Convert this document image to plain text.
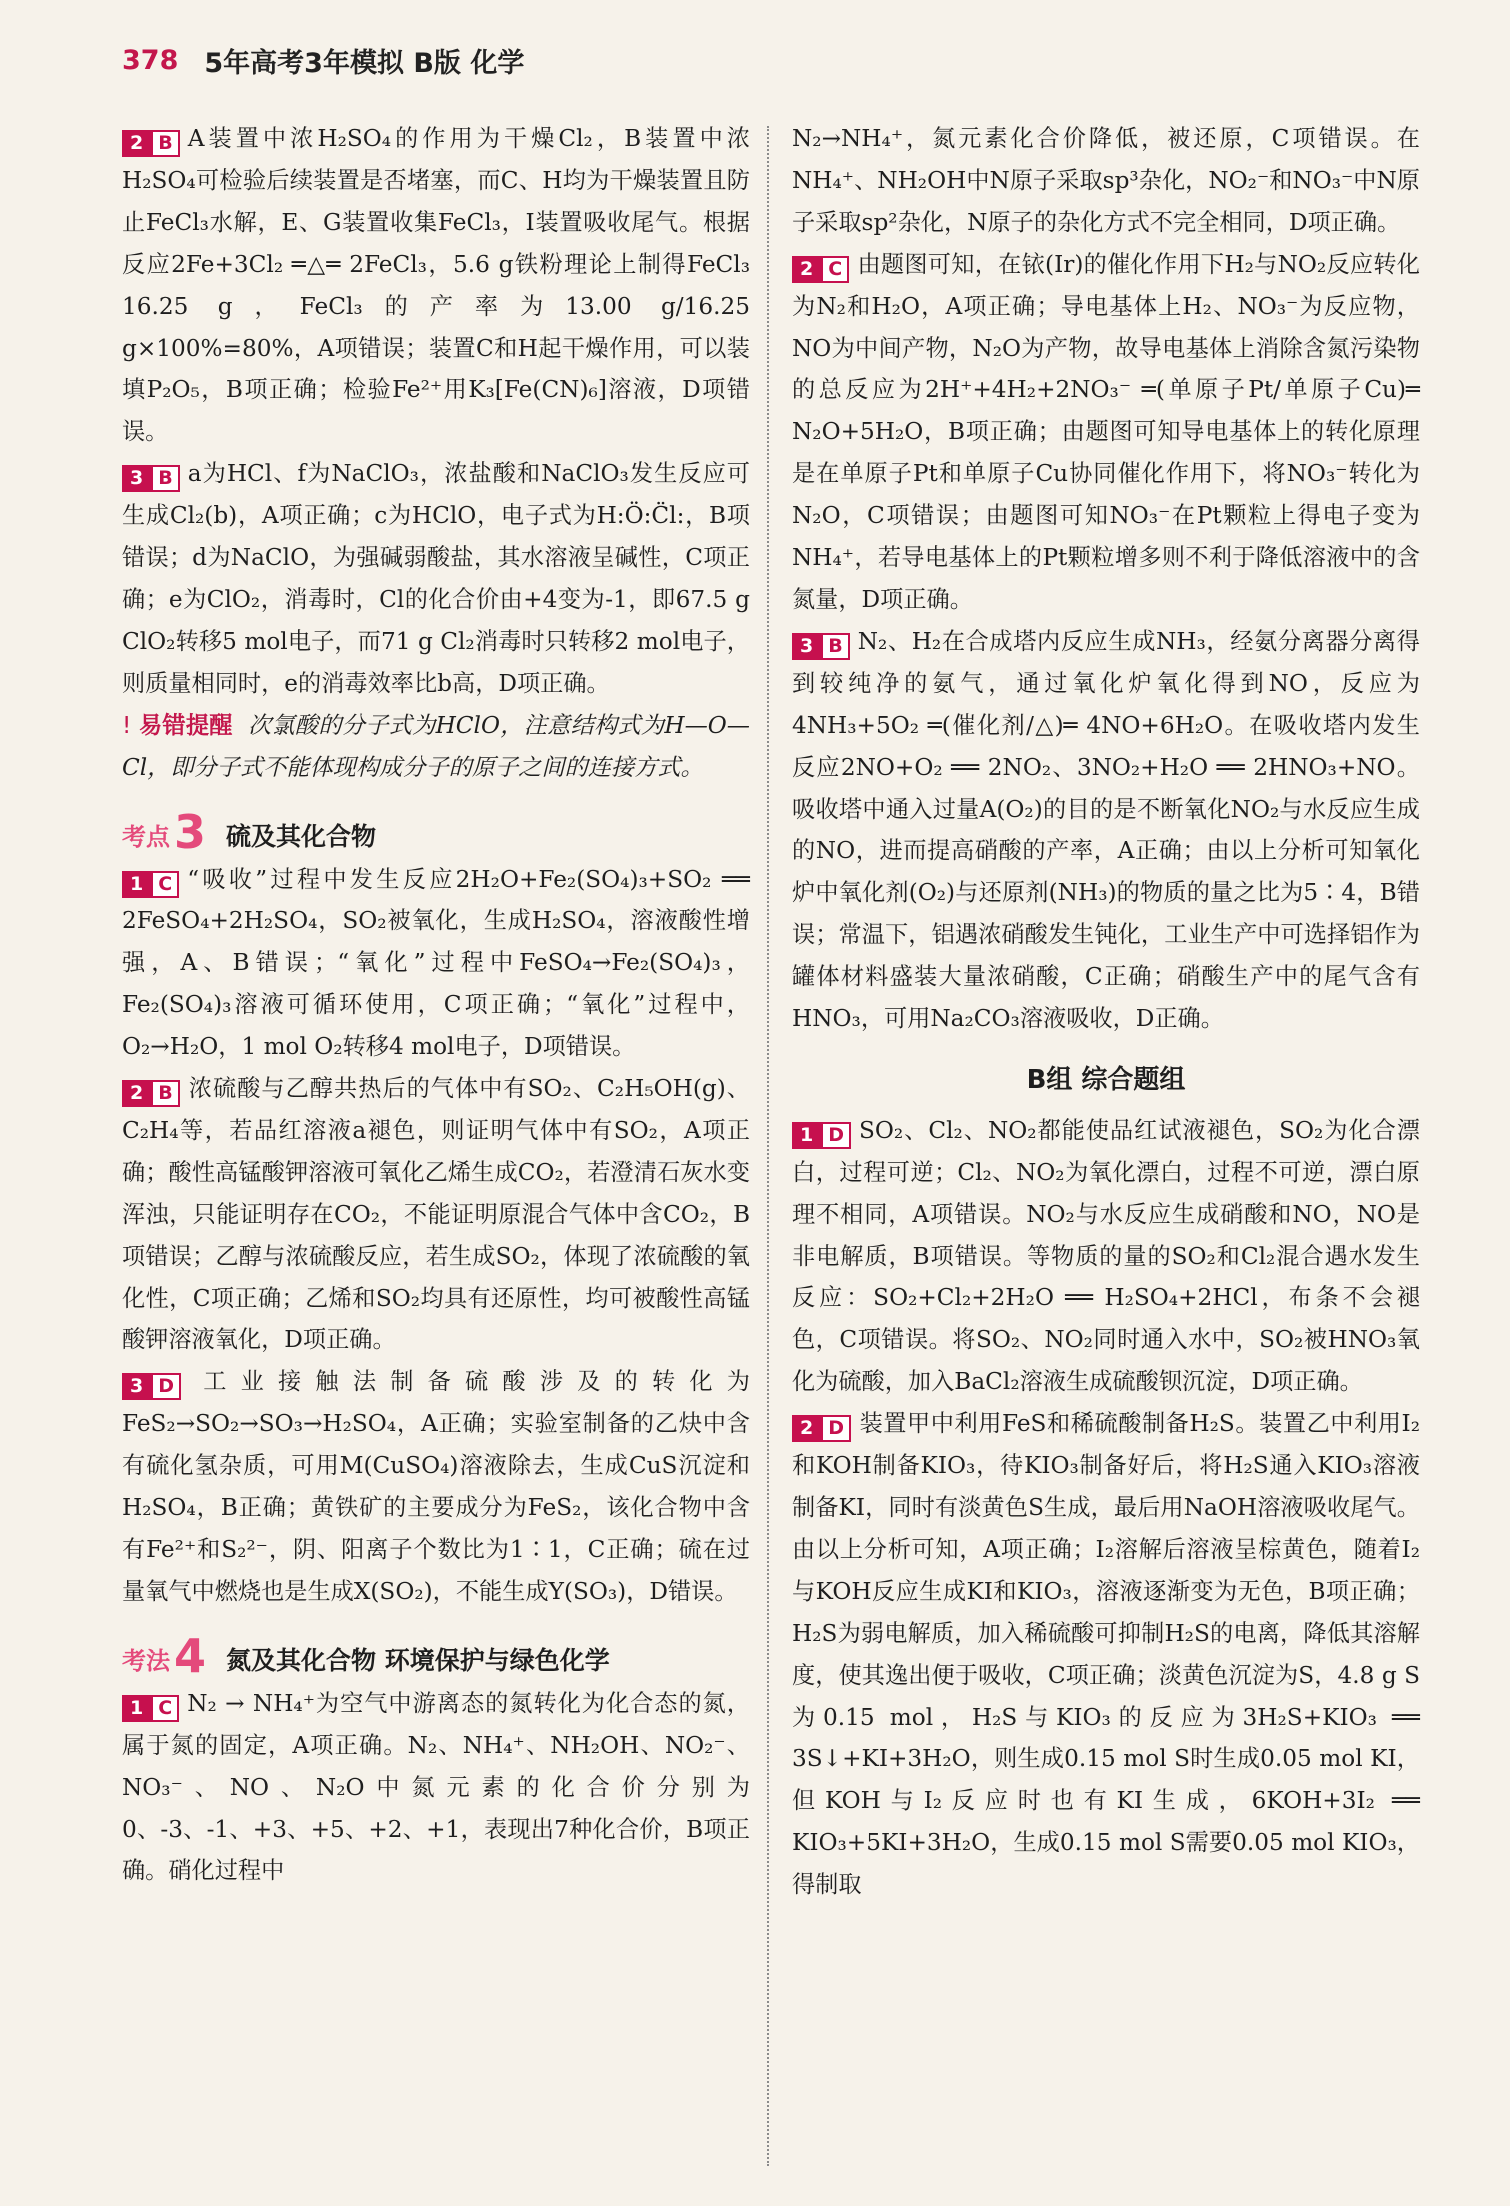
378 5年高考3年模拟 B版 化学

2 B A装置中浓H₂SO₄的作用为干燥Cl₂，B装置中浓H₂SO₄可检验后续装置是否堵塞，而C、H均为干燥装置且防止FeCl₃水解，E、G装置收集FeCl₃，I装置吸收尾气。根据反应2Fe+3Cl₂ ═△═ 2FeCl₃，5.6 g铁粉理论上制得FeCl₃ 16.25 g，FeCl₃的产率为13.00 g/16.25 g×100%=80%，A项错误；装置C和H起干燥作用，可以装填P₂O₅，B项正确；检验Fe²⁺用K₃[Fe(CN)₆]溶液，D项错误。

3 B a为HCl、f为NaClO₃，浓盐酸和NaClO₃发生反应可生成Cl₂(b)，A项正确；c为HClO，电子式为H:Ö:C̈l:，B项错误；d为NaClO，为强碱弱酸盐，其水溶液呈碱性，C项正确；e为ClO₂，消毒时，Cl的化合价由+4变为-1，即67.5 g ClO₂转移5 mol电子，而71 g Cl₂消毒时只转移2 mol电子，则质量相同时，e的消毒效率比b高，D项正确。

! 易错提醒 次氯酸的分子式为HClO，注意结构式为H—O—Cl，即分子式不能体现构成分子的原子之间的连接方式。

考点 3 硫及其化合物

1 C “吸收”过程中发生反应2H₂O+Fe₂(SO₄)₃+SO₂ ══ 2FeSO₄+2H₂SO₄，SO₂被氧化，生成H₂SO₄，溶液酸性增强，A、B错误；“氧化”过程中FeSO₄→Fe₂(SO₄)₃，Fe₂(SO₄)₃溶液可循环使用，C项正确；“氧化”过程中，O₂→H₂O，1 mol O₂转移4 mol电子，D项错误。

2 B 浓硫酸与乙醇共热后的气体中有SO₂、C₂H₅OH(g)、C₂H₄等，若品红溶液a褪色，则证明气体中有SO₂，A项正确；酸性高锰酸钾溶液可氧化乙烯生成CO₂，若澄清石灰水变浑浊，只能证明存在CO₂，不能证明原混合气体中含CO₂，B项错误；乙醇与浓硫酸反应，若生成SO₂，体现了浓硫酸的氧化性，C项正确；乙烯和SO₂均具有还原性，均可被酸性高锰酸钾溶液氧化，D项正确。

3 D 工业接触法制备硫酸涉及的转化为FeS₂→SO₂→SO₃→H₂SO₄，A正确；实验室制备的乙炔中含有硫化氢杂质，可用M(CuSO₄)溶液除去，生成CuS沉淀和H₂SO₄，B正确；黄铁矿的主要成分为FeS₂，该化合物中含有Fe²⁺和S₂²⁻，阴、阳离子个数比为1∶1，C正确；硫在过量氧气中燃烧也是生成X(SO₂)，不能生成Y(SO₃)，D错误。

考法 4 氮及其化合物 环境保护与绿色化学

1 C N₂ → NH₄⁺为空气中游离态的氮转化为化合态的氮，属于氮的固定，A项正确。N₂、NH₄⁺、NH₂OH、NO₂⁻、NO₃⁻、NO、N₂O中氮元素的化合价分别为0、-3、-1、+3、+5、+2、+1，表现出7种化合价，B项正确。硝化过程中

N₂→NH₄⁺，氮元素化合价降低，被还原，C项错误。在NH₄⁺、NH₂OH中N原子采取sp³杂化，NO₂⁻和NO₃⁻中N原子采取sp²杂化，N原子的杂化方式不完全相同，D项正确。

2 C 由题图可知，在铱(Ir)的催化作用下H₂与NO₂反应转化为N₂和H₂O，A项正确；导电基体上H₂、NO₃⁻为反应物，NO为中间产物，N₂O为产物，故导电基体上消除含氮污染物的总反应为2H⁺+4H₂+2NO₃⁻ ═(单原子Pt/单原子Cu)═ N₂O+5H₂O，B项正确；由题图可知导电基体上的转化原理是在单原子Pt和单原子Cu协同催化作用下，将NO₃⁻转化为N₂O，C项错误；由题图可知NO₃⁻在Pt颗粒上得电子变为NH₄⁺，若导电基体上的Pt颗粒增多则不利于降低溶液中的含氮量，D项正确。

3 B N₂、H₂在合成塔内反应生成NH₃，经氨分离器分离得到较纯净的氨气，通过氧化炉氧化得到NO，反应为4NH₃+5O₂ ═(催化剂/△)═ 4NO+6H₂O。在吸收塔内发生反应2NO+O₂ ══ 2NO₂、3NO₂+H₂O ══ 2HNO₃+NO。吸收塔中通入过量A(O₂)的目的是不断氧化NO₂与水反应生成的NO，进而提高硝酸的产率，A正确；由以上分析可知氧化炉中氧化剂(O₂)与还原剂(NH₃)的物质的量之比为5∶4，B错误；常温下，铝遇浓硝酸发生钝化，工业生产中可选择铝作为罐体材料盛装大量浓硝酸，C正确；硝酸生产中的尾气含有HNO₃，可用Na₂CO₃溶液吸收，D正确。

B组 综合题组

1 D SO₂、Cl₂、NO₂都能使品红试液褪色，SO₂为化合漂白，过程可逆；Cl₂、NO₂为氧化漂白，过程不可逆，漂白原理不相同，A项错误。NO₂与水反应生成硝酸和NO，NO是非电解质，B项错误。等物质的量的SO₂和Cl₂混合遇水发生反应：SO₂+Cl₂+2H₂O ══ H₂SO₄+2HCl，布条不会褪色，C项错误。将SO₂、NO₂同时通入水中，SO₂被HNO₃氧化为硫酸，加入BaCl₂溶液生成硫酸钡沉淀，D项正确。

2 D 装置甲中利用FeS和稀硫酸制备H₂S。装置乙中利用I₂和KOH制备KIO₃，待KIO₃制备好后，将H₂S通入KIO₃溶液制备KI，同时有淡黄色S生成，最后用NaOH溶液吸收尾气。由以上分析可知，A项正确；I₂溶解后溶液呈棕黄色，随着I₂与KOH反应生成KI和KIO₃，溶液逐渐变为无色，B项正确；H₂S为弱电解质，加入稀硫酸可抑制H₂S的电离，降低其溶解度，使其逸出便于吸收，C项正确；淡黄色沉淀为S，4.8 g S为0.15 mol，H₂S与KIO₃的反应为3H₂S+KIO₃ ══ 3S↓+KI+3H₂O，则生成0.15 mol S时生成0.05 mol KI，但KOH与I₂反应时也有KI生成，6KOH+3I₂ ══ KIO₃+5KI+3H₂O，生成0.15 mol S需要0.05 mol KIO₃，得制取
